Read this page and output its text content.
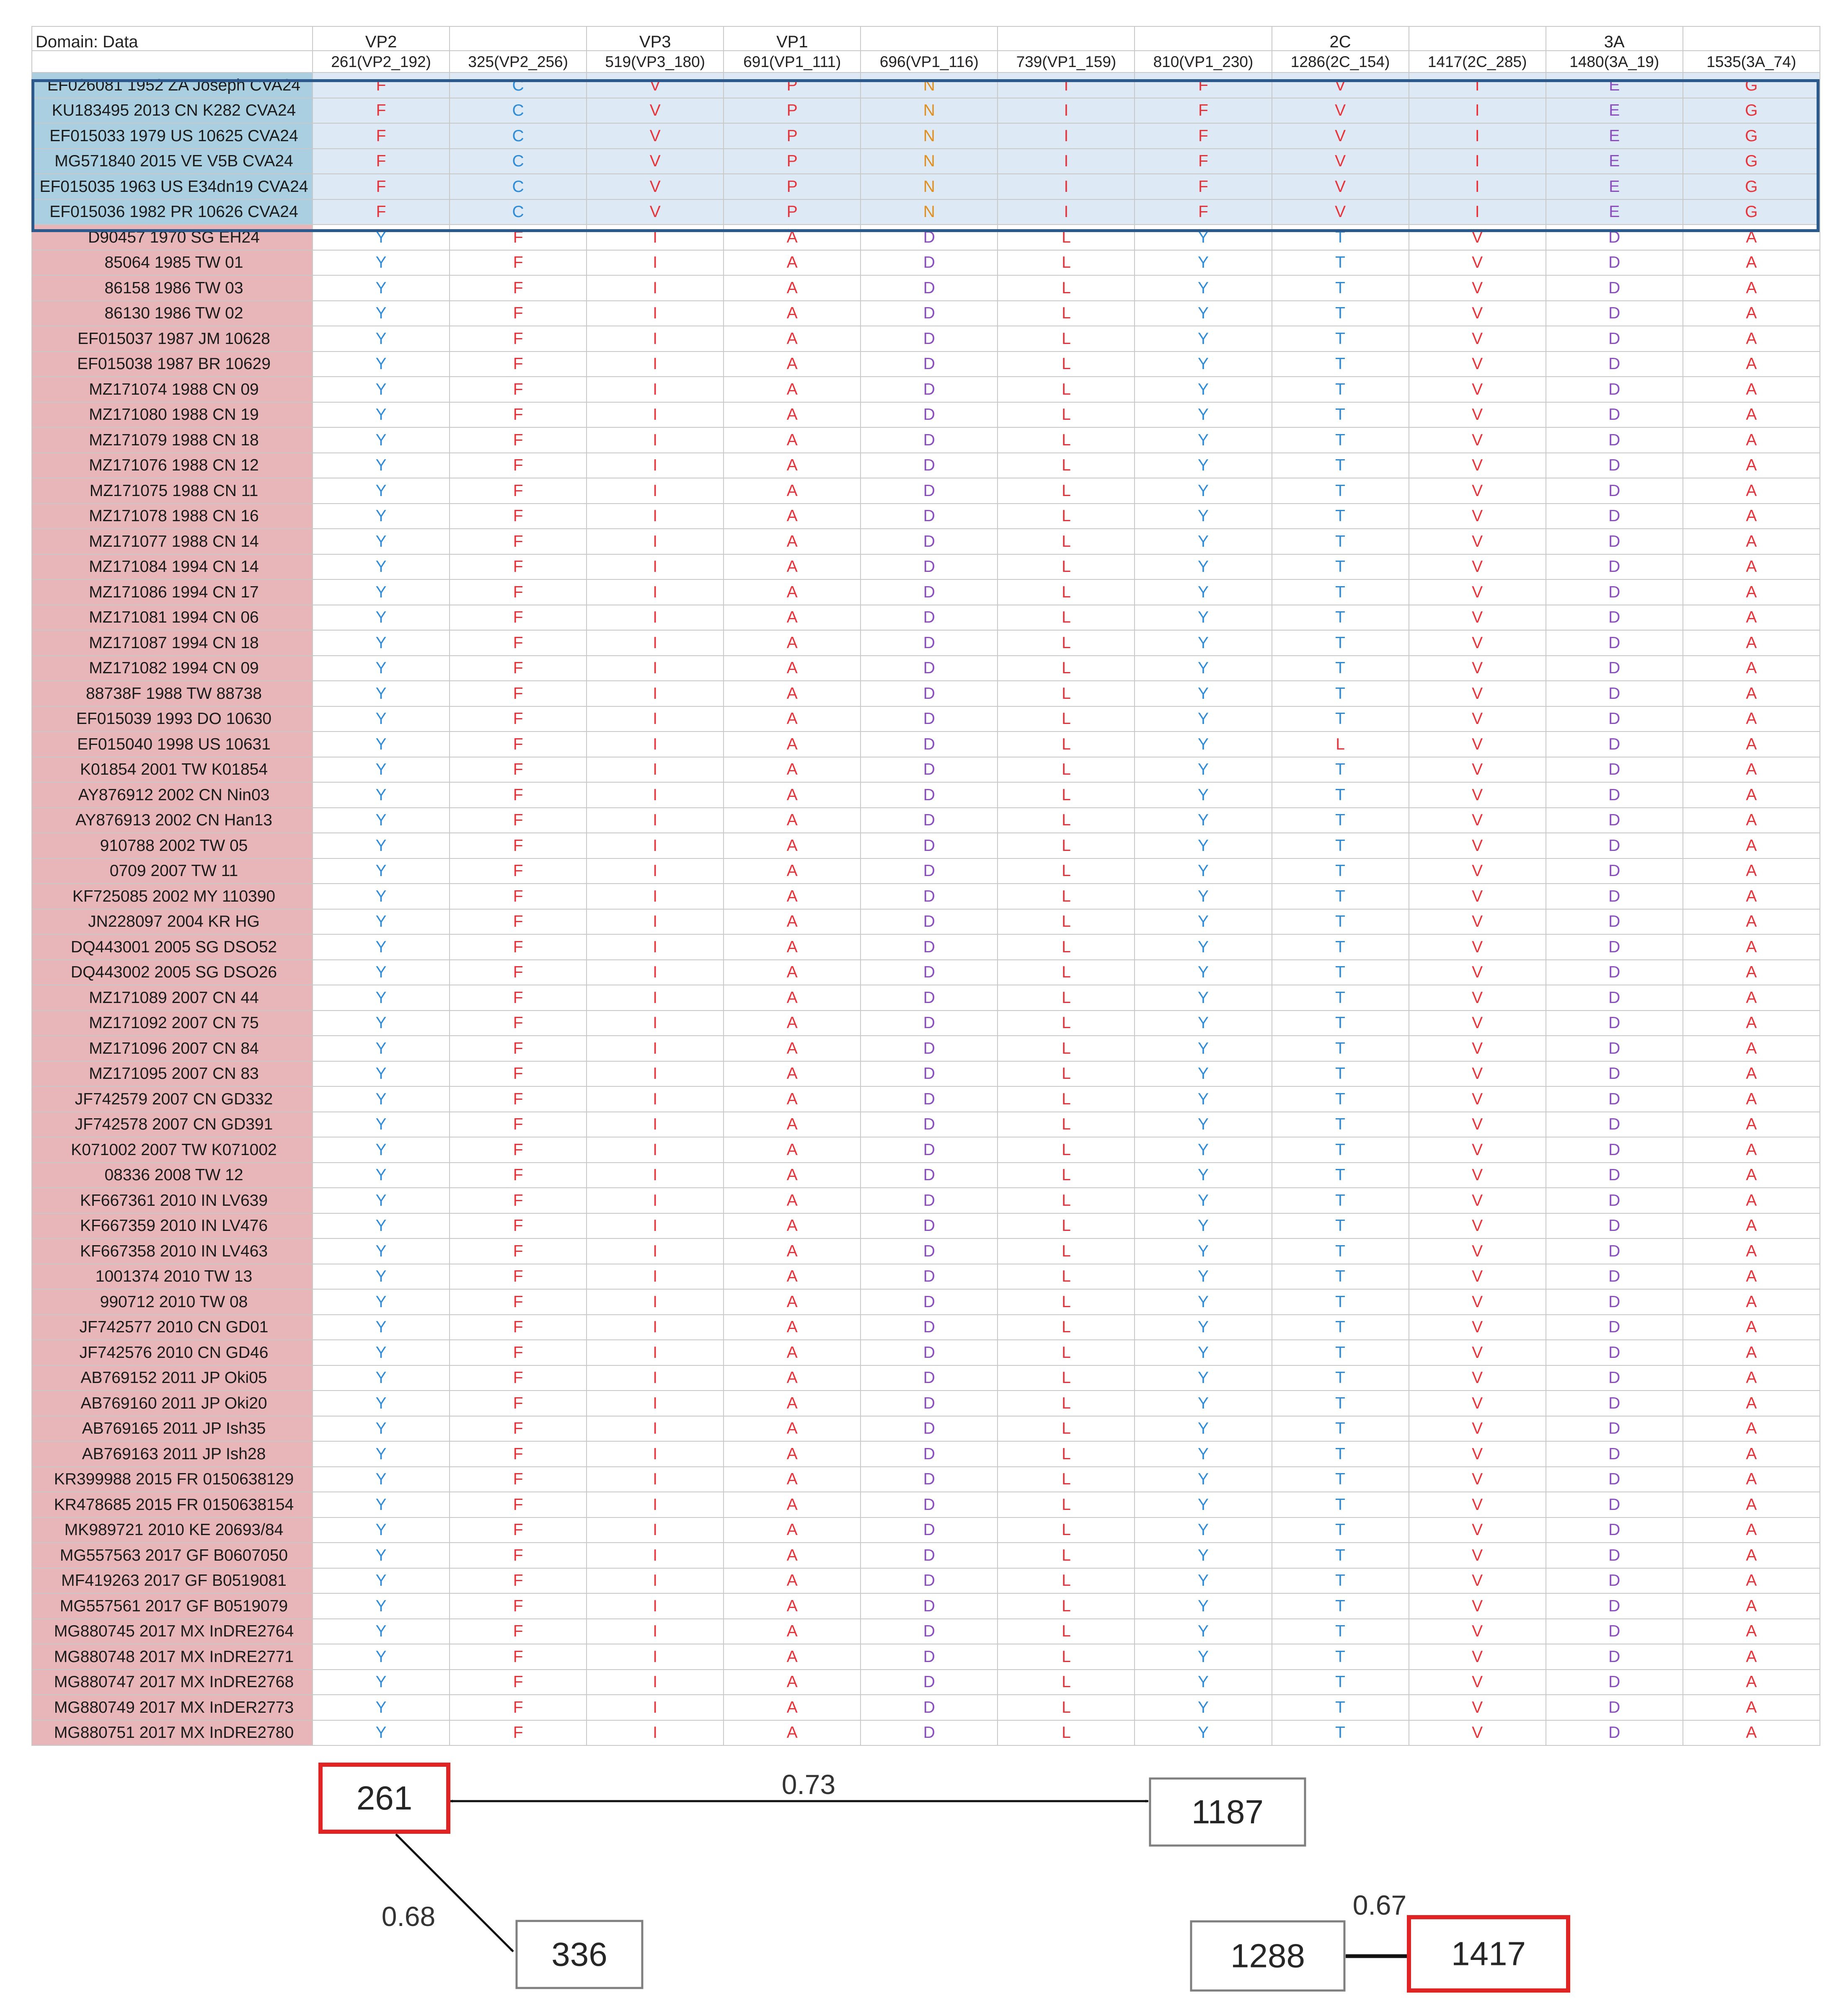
Domain: Data	VP2		VP3	VP1				2C		3A	
	261(VP2_192)	325(VP2_256)	519(VP3_180)	691(VP1_111)	696(VP1_116)	739(VP1_159)	810(VP1_230)	1286(2C_154)	1417(2C_285)	1480(3A_19)	1535(3A_74)
EF026081 1952 ZA Joseph CVA24	F	C	V	P	N	I	F	V	I	E	G
KU183495 2013 CN K282 CVA24	F	C	V	P	N	I	F	V	I	E	G
EF015033 1979 US 10625 CVA24	F	C	V	P	N	I	F	V	I	E	G
MG571840 2015 VE V5B CVA24	F	C	V	P	N	I	F	V	I	E	G
EF015035 1963 US E34dn19 CVA24	F	C	V	P	N	I	F	V	I	E	G
EF015036 1982 PR 10626 CVA24	F	C	V	P	N	I	F	V	I	E	G
D90457 1970 SG EH24	Y	F	I	A	D	L	Y	T	V	D	A
85064 1985 TW 01	Y	F	I	A	D	L	Y	T	V	D	A
86158 1986 TW 03	Y	F	I	A	D	L	Y	T	V	D	A
86130 1986 TW 02	Y	F	I	A	D	L	Y	T	V	D	A
EF015037 1987 JM 10628	Y	F	I	A	D	L	Y	T	V	D	A
EF015038 1987 BR 10629	Y	F	I	A	D	L	Y	T	V	D	A
MZ171074 1988 CN 09	Y	F	I	A	D	L	Y	T	V	D	A
MZ171080 1988 CN 19	Y	F	I	A	D	L	Y	T	V	D	A
MZ171079 1988 CN 18	Y	F	I	A	D	L	Y	T	V	D	A
MZ171076 1988 CN 12	Y	F	I	A	D	L	Y	T	V	D	A
MZ171075 1988 CN 11	Y	F	I	A	D	L	Y	T	V	D	A
MZ171078 1988 CN 16	Y	F	I	A	D	L	Y	T	V	D	A
MZ171077 1988 CN 14	Y	F	I	A	D	L	Y	T	V	D	A
MZ171084 1994 CN 14	Y	F	I	A	D	L	Y	T	V	D	A
MZ171086 1994 CN 17	Y	F	I	A	D	L	Y	T	V	D	A
MZ171081 1994 CN 06	Y	F	I	A	D	L	Y	T	V	D	A
MZ171087 1994 CN 18	Y	F	I	A	D	L	Y	T	V	D	A
MZ171082 1994 CN 09	Y	F	I	A	D	L	Y	T	V	D	A
88738F 1988 TW 88738	Y	F	I	A	D	L	Y	T	V	D	A
EF015039 1993 DO 10630	Y	F	I	A	D	L	Y	T	V	D	A
EF015040 1998 US 10631	Y	F	I	A	D	L	Y	L	V	D	A
K01854 2001 TW K01854	Y	F	I	A	D	L	Y	T	V	D	A
AY876912 2002 CN Nin03	Y	F	I	A	D	L	Y	T	V	D	A
AY876913 2002 CN Han13	Y	F	I	A	D	L	Y	T	V	D	A
910788 2002 TW 05	Y	F	I	A	D	L	Y	T	V	D	A
0709 2007 TW 11	Y	F	I	A	D	L	Y	T	V	D	A
KF725085 2002 MY 110390	Y	F	I	A	D	L	Y	T	V	D	A
JN228097 2004 KR HG	Y	F	I	A	D	L	Y	T	V	D	A
DQ443001 2005 SG DSO52	Y	F	I	A	D	L	Y	T	V	D	A
DQ443002 2005 SG DSO26	Y	F	I	A	D	L	Y	T	V	D	A
MZ171089 2007 CN 44	Y	F	I	A	D	L	Y	T	V	D	A
MZ171092 2007 CN 75	Y	F	I	A	D	L	Y	T	V	D	A
MZ171096 2007 CN 84	Y	F	I	A	D	L	Y	T	V	D	A
MZ171095 2007 CN 83	Y	F	I	A	D	L	Y	T	V	D	A
JF742579 2007 CN GD332	Y	F	I	A	D	L	Y	T	V	D	A
JF742578 2007 CN GD391	Y	F	I	A	D	L	Y	T	V	D	A
K071002 2007 TW K071002	Y	F	I	A	D	L	Y	T	V	D	A
08336 2008 TW 12	Y	F	I	A	D	L	Y	T	V	D	A
KF667361 2010 IN LV639	Y	F	I	A	D	L	Y	T	V	D	A
KF667359 2010 IN LV476	Y	F	I	A	D	L	Y	T	V	D	A
KF667358 2010 IN LV463	Y	F	I	A	D	L	Y	T	V	D	A
1001374 2010 TW 13	Y	F	I	A	D	L	Y	T	V	D	A
990712 2010 TW 08	Y	F	I	A	D	L	Y	T	V	D	A
JF742577 2010 CN GD01	Y	F	I	A	D	L	Y	T	V	D	A
JF742576 2010 CN GD46	Y	F	I	A	D	L	Y	T	V	D	A
AB769152 2011 JP Oki05	Y	F	I	A	D	L	Y	T	V	D	A
AB769160 2011 JP Oki20	Y	F	I	A	D	L	Y	T	V	D	A
AB769165 2011 JP Ish35	Y	F	I	A	D	L	Y	T	V	D	A
AB769163 2011 JP Ish28	Y	F	I	A	D	L	Y	T	V	D	A
KR399988 2015 FR 0150638129	Y	F	I	A	D	L	Y	T	V	D	A
KR478685 2015 FR 0150638154	Y	F	I	A	D	L	Y	T	V	D	A
MK989721 2010 KE 20693/84	Y	F	I	A	D	L	Y	T	V	D	A
MG557563 2017 GF B0607050	Y	F	I	A	D	L	Y	T	V	D	A
MF419263 2017 GF B0519081	Y	F	I	A	D	L	Y	T	V	D	A
MG557561 2017 GF B0519079	Y	F	I	A	D	L	Y	T	V	D	A
MG880745 2017 MX InDRE2764	Y	F	I	A	D	L	Y	T	V	D	A
MG880748 2017 MX InDRE2771	Y	F	I	A	D	L	Y	T	V	D	A
MG880747 2017 MX InDRE2768	Y	F	I	A	D	L	Y	T	V	D	A
MG880749 2017 MX InDER2773	Y	F	I	A	D	L	Y	T	V	D	A
MG880751 2017 MX InDRE2780	Y	F	I	A	D	L	Y	T	V	D	A
0.73
0.68	0.67
261	1187
336	1288	1417
